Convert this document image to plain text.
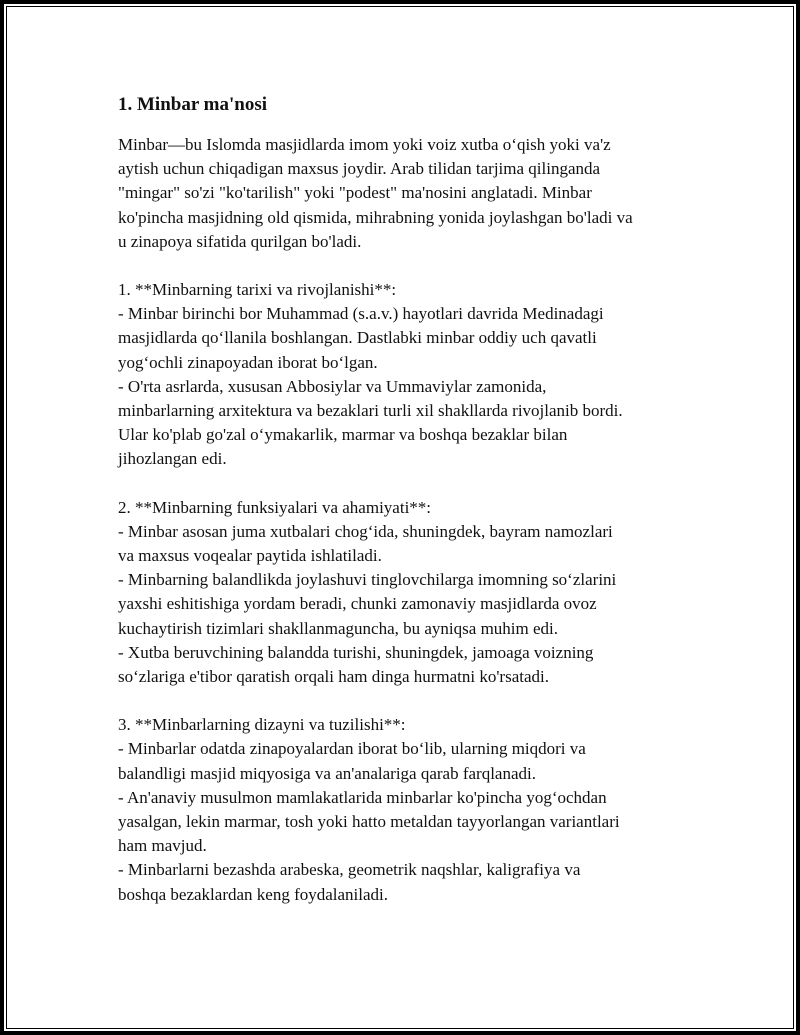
1. Minbar ma'nosi

Minbar—bu Islomda masjidlarda imom yoki voiz xutba o‘qish yoki va'z
aytish uchun chiqadigan maxsus joydir. Arab tilidan tarjima qilinganda
"mingar" so'zi "ko'tarilish" yoki "podest" ma'nosini anglatadi. Minbar
ko'pincha masjidning old qismida, mihrabning yonida joylashgan bo'ladi va
u zinapoya sifatida qurilgan bo'ladi.

1. **Minbarning tarixi va rivojlanishi**:
- Minbar birinchi bor Muhammad (s.a.v.) hayotlari davrida Medinadagi
masjidlarda qo‘llanila boshlangan. Dastlabki minbar oddiy uch qavatli
yog‘ochli zinapoyadan iborat bo‘lgan.
- O'rta asrlarda, xususan Abbosiylar va Ummaviylar zamonida,
minbarlarning arxitektura va bezaklari turli xil shakllarda rivojlanib bordi.
Ular ko'plab go'zal o‘ymakarlik, marmar va boshqa bezaklar bilan
jihozlangan edi.

2. **Minbarning funksiyalari va ahamiyati**:
- Minbar asosan juma xutbalari chog‘ida, shuningdek, bayram namozlari
va maxsus voqealar paytida ishlatiladi.
- Minbarning balandlikda joylashuvi tinglovchilarga imomning so‘zlarini
yaxshi eshitishiga yordam beradi, chunki zamonaviy masjidlarda ovoz
kuchaytirish tizimlari shakllanmaguncha, bu ayniqsa muhim edi.
- Xutba beruvchining balandda turishi, shuningdek, jamoaga voizning
so‘zlariga e'tibor qaratish orqali ham dinga hurmatni ko'rsatadi.

3. **Minbarlarning dizayni va tuzilishi**:
- Minbarlar odatda zinapoyalardan iborat bo‘lib, ularning miqdori va
balandligi masjid miqyosiga va an'analariga qarab farqlanadi.
- An'anaviy musulmon mamlakatlarida minbarlar ko'pincha yog‘ochdan
yasalgan, lekin marmar, tosh yoki hatto metaldan tayyorlangan variantlari
ham mavjud.
- Minbarlarni bezashda arabeska, geometrik naqshlar, kaligrafiya va
boshqa bezaklardan keng foydalaniladi.
